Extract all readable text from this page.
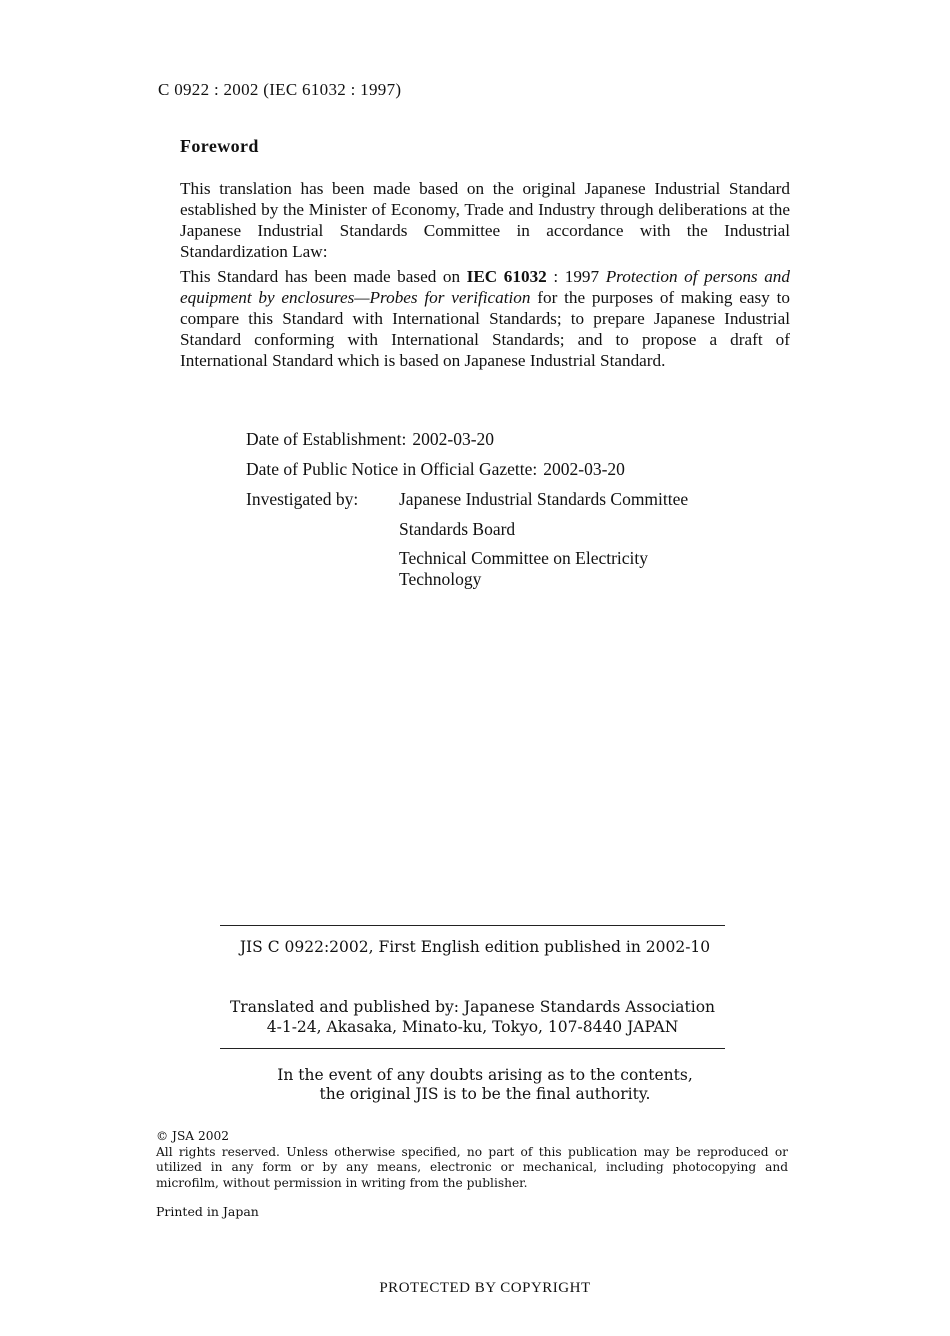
C 0922 : 2002 (IEC 61032 : 1997)
Foreword

This translation has been made based on the original Japanese Industrial Standard established by the Minister of Economy, Trade and Industry through deliberations at the Japanese Industrial Standards Committee in accordance with the Industrial Standardization Law:

This Standard has been made based on IEC 61032 : 1997 Protection of persons and equipment by enclosures—Probes for verification for the purposes of making easy to compare this Standard with International Standards; to prepare Japanese Industrial Standard conforming with International Standards; and to propose a draft of International Standard which is based on Japanese Industrial Standard.

Date of Establishment: 2002-03-20
Date of Public Notice in Official Gazette: 2002-03-20
Investigated by: Japanese Industrial Standards Committee
Standards Board
Technical Committee on Electricity Technology
JIS C 0922:2002, First English edition published in 2002-10
Translated and published by: Japanese Standards Association
4-1-24, Akasaka, Minato-ku, Tokyo, 107-8440 JAPAN
In the event of any doubts arising as to the contents,
the original JIS is to be the final authority.
© JSA 2002
All rights reserved. Unless otherwise specified, no part of this publication may be reproduced or utilized in any form or by any means, electronic or mechanical, including photocopying and microfilm, without permission in writing from the publisher.
Printed in Japan
PROTECTED BY COPYRIGHT
